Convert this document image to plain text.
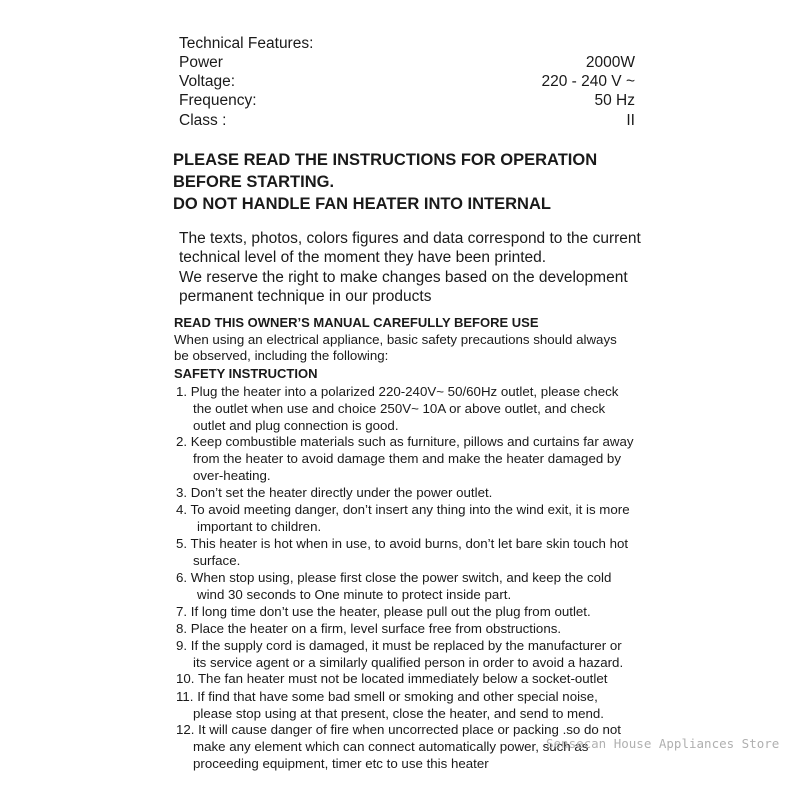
Technical Features:
Power	2000W
Voltage:	220 - 240 V ~
Frequency:	50 Hz
Class :	II
PLEASE READ THE INSTRUCTIONS FOR OPERATION
BEFORE STARTING.
DO NOT HANDLE FAN HEATER INTO INTERNAL
The texts, photos, colors figures and data correspond to the current
technical level of the moment they have been printed.
We reserve the right to make changes based on the development
permanent technique in our products
READ THIS OWNER’S MANUAL CAREFULLY BEFORE USE
When using an electrical appliance, basic safety precautions should always
be observed, including the following:
SAFETY INSTRUCTION
1. Plug the heater into a polarized 220-240V~ 50/60Hz outlet, please check
the outlet when use and choice 250V~ 10A or above outlet, and check
outlet and plug connection is good.
2. Keep combustible materials such as furniture, pillows and curtains far away
from the heater to avoid damage them and make the heater damaged by
over-heating.
3. Don’t set the heater directly under the power outlet.
4. To avoid meeting danger, don’t insert any thing into the wind exit, it is more
important to children.
5. This heater is hot when in use, to avoid burns, don’t let bare skin touch hot
surface.
6. When stop using, please first close the power switch, and keep the cold
wind 30 seconds to One minute to protect inside part.
7. If long time don’t use the heater, please pull out the plug from outlet.
8. Place the heater on a firm, level surface free from obstructions.
9. If the supply cord is damaged, it must be replaced by the manufacturer or
its service agent or a similarly qualified person in order to avoid a hazard.
10. The fan heater must not be located immediately below a socket-outlet
11. If find that have some bad smell or smoking and other special noise,
please stop using at that present, close the heater, and send to mend.
12. It will cause danger of fire when uncorrected place or packing .so do not
make any element which can connect automatically power, such as
proceeding equipment, timer etc to use this heater
Sensecan House Appliances Store
